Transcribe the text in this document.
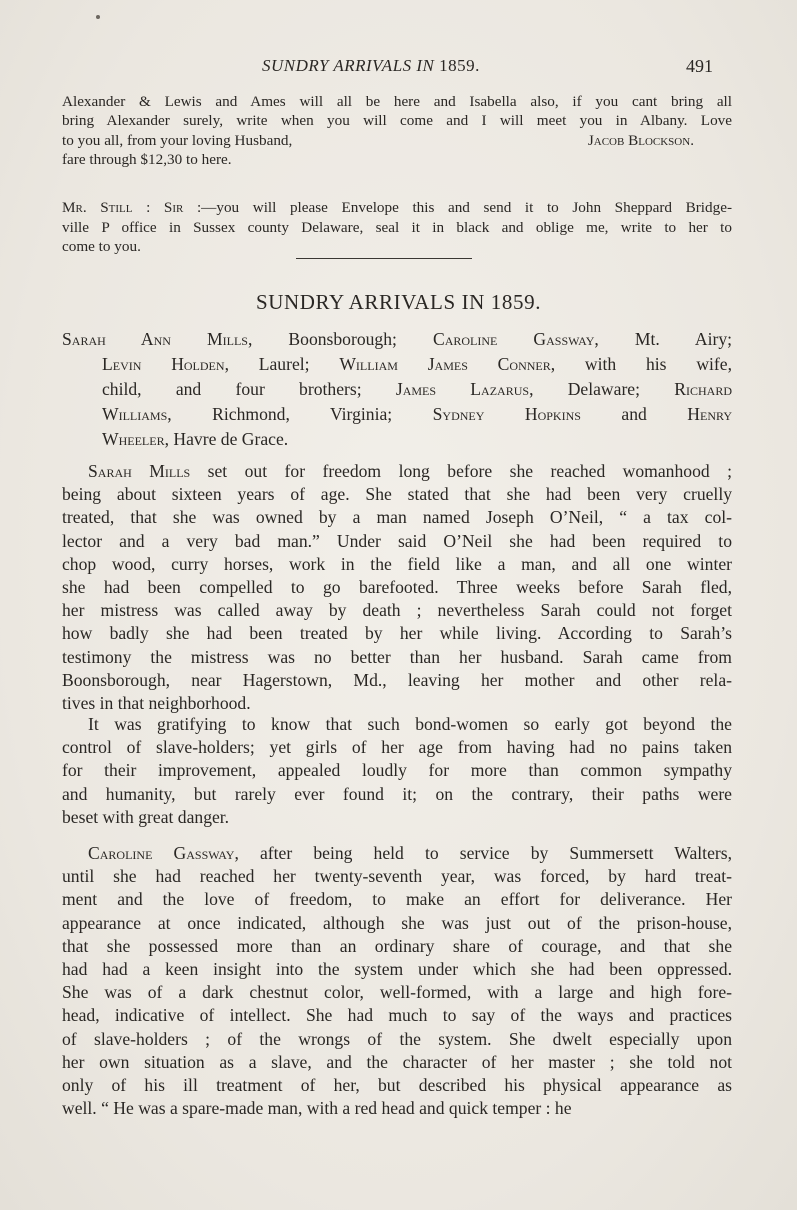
SUNDRY ARRIVALS IN 1859.	491
Alexander & Lewis and Ames will all be here and Isabella also, if you cant bring all
bring Alexander surely, write when you will come and I will meet you in Albany. Love
to you all, from your loving Husband,	Jacob Blockson.
fare through $12,30 to here.
Mr. Still : Sir :—you will please Envelope this and send it to John Sheppard Bridge-
ville P office in Sussex county Delaware, seal it in black and oblige me, write to her to
come to you.
SUNDRY ARRIVALS IN 1859.
Sarah Ann Mills, Boonsborough; Caroline Gassway, Mt. Airy;
Levin Holden, Laurel; William James Conner, with his wife,
child, and four brothers; James Lazarus, Delaware; Richard
Williams, Richmond, Virginia; Sydney Hopkins and Henry
Wheeler, Havre de Grace.
Sarah Mills set out for freedom long before she reached womanhood ;
being about sixteen years of age. She stated that she had been very cruelly
treated, that she was owned by a man named Joseph O’Neil, “ a tax col-
lector and a very bad man.” Under said O’Neil she had been required to
chop wood, curry horses, work in the field like a man, and all one winter
she had been compelled to go barefooted. Three weeks before Sarah fled,
her mistress was called away by death ; nevertheless Sarah could not forget
how badly she had been treated by her while living. According to Sarah’s
testimony the mistress was no better than her husband. Sarah came from
Boonsborough, near Hagerstown, Md., leaving her mother and other rela-
tives in that neighborhood.
It was gratifying to know that such bond-women so early got beyond the
control of slave-holders; yet girls of her age from having had no pains taken
for their improvement, appealed loudly for more than common sympathy
and humanity, but rarely ever found it; on the contrary, their paths were
beset with great danger.
Caroline Gassway, after being held to service by Summersett Walters,
until she had reached her twenty-seventh year, was forced, by hard treat-
ment and the love of freedom, to make an effort for deliverance. Her
appearance at once indicated, although she was just out of the prison-house,
that she possessed more than an ordinary share of courage, and that she
had had a keen insight into the system under which she had been oppressed.
She was of a dark chestnut color, well-formed, with a large and high fore-
head, indicative of intellect. She had much to say of the ways and practices
of slave-holders ; of the wrongs of the system. She dwelt especially upon
her own situation as a slave, and the character of her master ; she told not
only of his ill treatment of her, but described his physical appearance as
well. “ He was a spare-made man, with a red head and quick temper : he
